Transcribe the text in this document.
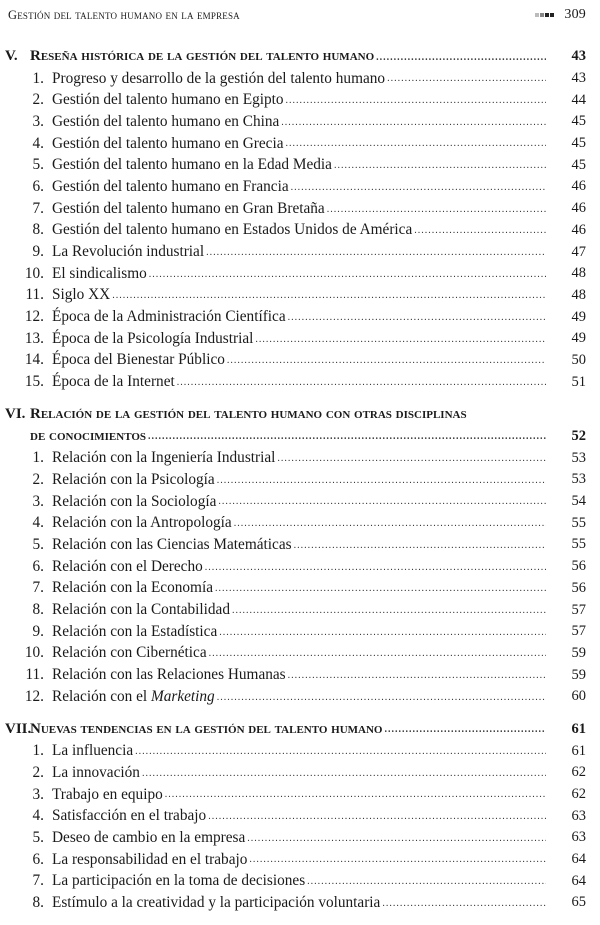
Gestión del talento humano en la empresa	309
V. Reseña histórica de la gestión del talento humano .....	43
1. Progreso y desarrollo de la gestión del talento humano .....	43
2. Gestión del talento humano en Egipto .....	44
3. Gestión del talento humano en China .....	45
4. Gestión del talento humano en Grecia .....	45
5. Gestión del talento humano en la Edad Media .....	45
6. Gestión del talento humano en Francia .....	46
7. Gestión del talento humano en Gran Bretaña .....	46
8. Gestión del talento humano en Estados Unidos de América .....	46
9. La Revolución industrial .....	47
10. El sindicalismo .....	48
11. Siglo XX .....	48
12. Época de la Administración Científica .....	49
13. Época de la Psicología Industrial .....	49
14. Época del Bienestar Público .....	50
15. Época de la Internet .....	51
VI. Relación de la gestión del talento humano con otras disciplinas
de conocimientos .....	52
1. Relación con la Ingeniería Industrial .....	53
2. Relación con la Psicología .....	53
3. Relación con la Sociología .....	54
4. Relación con la Antropología .....	55
5. Relación con las Ciencias Matemáticas .....	55
6. Relación con el Derecho .....	56
7. Relación con la Economía .....	56
8. Relación con la Contabilidad .....	57
9. Relación con la Estadística .....	57
10. Relación con Cibernética .....	59
11. Relación con las Relaciones Humanas .....	59
12. Relación con el Marketing .....	60
VII.
Nuevas tendencias en la gestión del talento humano .....	61
1. La influencia .....	61
2. La innovación .....	62
3. Trabajo en equipo .....	62
4. Satisfacción en el trabajo .....	63
5. Deseo de cambio en la empresa .....	63
6. La responsabilidad en el trabajo .....	64
7. La participación en la toma de decisiones .....	64
8. Estímulo a la creatividad y la participación voluntaria .....	65
